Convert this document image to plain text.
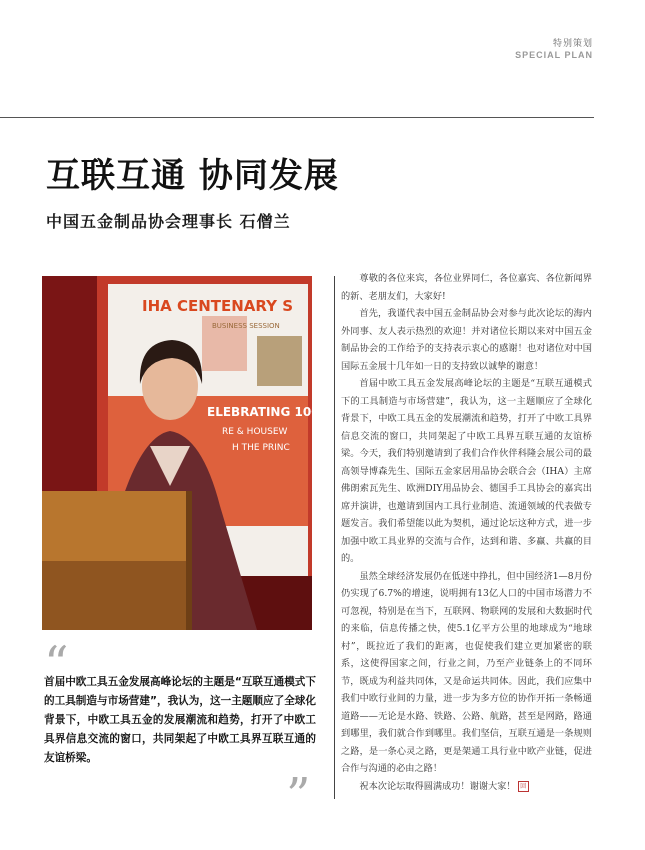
特别策划
SPECIAL PLAN
互联互通 协同发展
中国五金制品协会理事长 石僧兰
IHA CENTENARY S
BUSINESS SESSION
ELEBRATING 100 Y
RE & HOUSEW
H THE PRINC
“

首届中欧工具五金发展高峰论坛的主题是“互联互通模式下的工具制造与市场营建”，我认为，这一主题顺应了全球化背景下，中欧工具五金的发展潮流和趋势，打开了中欧工具界信息交流的窗口，共同架起了中欧工具界互联互通的友谊桥梁。

”

尊敬的各位来宾，各位业界同仁，各位嘉宾、各位新闻界的新、老朋友们，大家好!

首先，我谨代表中国五金制品协会对参与此次论坛的海内外同事、友人表示热烈的欢迎！并对诸位长期以来对中国五金制品协会的工作给予的支持表示衷心的感谢！也对诸位对中国国际五金展十几年如一日的支持致以诚挚的谢意！

首届中欧工具五金发展高峰论坛的主题是“互联互通模式下的工具制造与市场营建”，我认为，这一主题顺应了全球化背景下，中欧工具五金的发展潮流和趋势，打开了中欧工具界信息交流的窗口，共同架起了中欧工具界互联互通的友谊桥梁。今天，我们特别邀请到了我们合作伙伴科隆会展公司的最高领导博森先生、国际五金家居用品协会联合会（IHA）主席佛朗索瓦先生、欧洲DIY用品协会、德国手工具协会的嘉宾出席并演讲，也邀请到国内工具行业制造、流通领域的代表做专题发言。我们希望能以此为契机，通过论坛这种方式，进一步加强中欧工具业界的交流与合作，达到和谐、多赢、共赢的目的。

虽然全球经济发展仍在低迷中挣扎，但中国经济1—8月份仍实现了6.7%的增速，说明拥有13亿人口的中国市场潜力不可忽视，特别是在当下，互联网、物联网的发展和大数据时代的来临，信息传播之快，使5.1亿平方公里的地球成为“地球村”，既拉近了我们的距离，也促使我们建立更加紧密的联系，这使得国家之间，行业之间，乃至产业链条上的不同环节，既成为利益共同体，又是命运共同体。因此，我们应集中我们中欧行业间的力量，进一步为多方位的协作开拓一条畅通道路——无论是水路、铁路、公路、航路，甚至是网路，路通到哪里，我们就合作到哪里。我们坚信，互联互通是一条规则之路，是一条心灵之路，更是架通工具行业中欧产业链，促进合作与沟通的必由之路！

祝本次论坛取得圆满成功！谢谢大家！ 回
